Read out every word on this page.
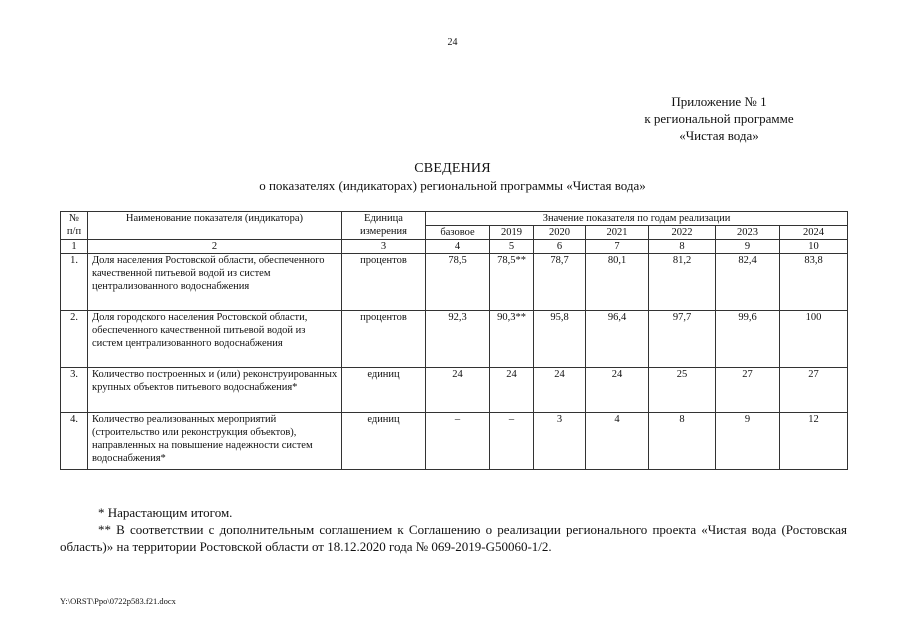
24
Приложение № 1
к региональной программе
«Чистая вода»
СВЕДЕНИЯ
о показателях (индикаторах) региональной программы «Чистая вода»
№ п/п	Наименование показателя (индикатора)	Единица измерения	Значение показателя по годам реализации						
			базовое	2019	2020	2021	2022	2023	2024
1	2	3	4	5	6	7	8	9	10
1.	Доля населения Ростовской области, обеспеченного качественной питьевой водой из систем централизованного водоснабжения	процентов	78,5	78,5**	78,7	80,1	81,2	82,4	83,8
2.	Доля городского населения Ростовской области, обеспеченного качественной питьевой водой из систем централизованного водоснабжения	процентов	92,3	90,3**	95,8	96,4	97,7	99,6	100
3.	Количество построенных и (или) реконструированных крупных объектов питьевого водоснабжения*	единиц	24	24	24	24	25	27	27
4.	Количество реализованных мероприятий (строительство или реконструкция объектов), направленных на повышение надежности систем водоснабжения*	единиц	–	–	3	4	8	9	12
* Нарастающим итогом.
** В соответствии с дополнительным соглашением к Соглашению о реализации регионального проекта «Чистая вода (Ростовская область)» на территории Ростовской области от 18.12.2020 года № 069-2019-G50060-1/2.
Y:\ORST\Ppo\0722p583.f21.docx
